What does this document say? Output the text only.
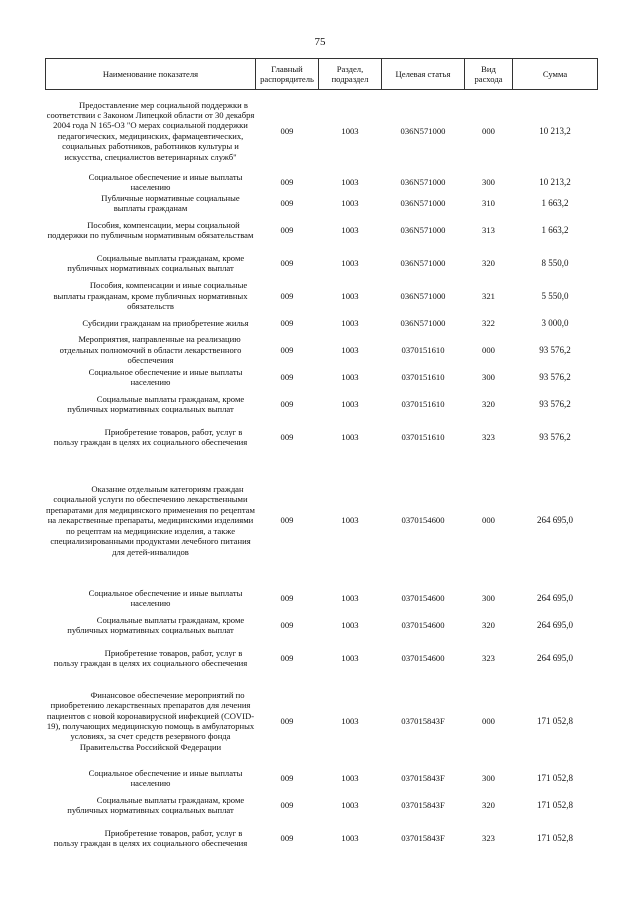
75
Наименование показателя	Главный распорядитель	Раздел, подраздел	Целевая статья	Вид расхода	Сумма

Предоставление мер социальной поддержки в соответствии с Законом Липецкой области от 30 декабря 2004 года N 165-ОЗ "О мерах социальной поддержки педагогических, медицинских, фармацевтических, социальных работников, работников культуры и искусства, специалистов ветеринарных служб"	009	1003	036N571000	000	10 213,2

Социальное обеспечение и иные выплаты населению	009	1003	036N571000	300	10 213,2

Публичные нормативные социальные выплаты гражданам	009	1003	036N571000	310	1 663,2

Пособия, компенсации, меры социальной поддержки по публичным нормативным обязательствам	009	1003	036N571000	313	1 663,2

Социальные выплаты гражданам, кроме публичных нормативных социальных выплат	009	1003	036N571000	320	8 550,0

Пособия, компенсации и иные социальные выплаты гражданам, кроме публичных нормативных обязательств	009	1003	036N571000	321	5 550,0

Субсидии гражданам на приобретение жилья	009	1003	036N571000	322	3 000,0

Мероприятия, направленные на реализацию отдельных полномочий в области лекарственного обеспечения	009	1003	0370151610	000	93 576,2

Социальное обеспечение и иные выплаты населению	009	1003	0370151610	300	93 576,2

Социальные выплаты гражданам, кроме публичных нормативных социальных выплат	009	1003	0370151610	320	93 576,2

Приобретение товаров, работ, услуг в пользу граждан в целях их социального обеспечения	009	1003	0370151610	323	93 576,2

Оказание отдельным категориям граждан социальной услуги по обеспечению лекарственными препаратами для медицинского применения по рецептам на лекарственные препараты, медицинскими изделиями по рецептам на медицинские изделия, а также специализированными продуктами лечебного питания для детей-инвалидов	009	1003	0370154600	000	264 695,0

Социальное обеспечение и иные выплаты населению	009	1003	0370154600	300	264 695,0

Социальные выплаты гражданам, кроме публичных нормативных социальных выплат	009	1003	0370154600	320	264 695,0

Приобретение товаров, работ, услуг в пользу граждан в целях их социального обеспечения	009	1003	0370154600	323	264 695,0

Финансовое обеспечение мероприятий по приобретению лекарственных препаратов для лечения пациентов с новой коронавирусной инфекцией (COVID-19), получающих медицинскую помощь в амбулаторных условиях, за счет средств резервного фонда Правительства Российской Федерации	009	1003	037015843F	000	171 052,8

Социальное обеспечение и иные выплаты населению	009	1003	037015843F	300	171 052,8

Социальные выплаты гражданам, кроме публичных нормативных социальных выплат	009	1003	037015843F	320	171 052,8

Приобретение товаров, работ, услуг в пользу граждан в целях их социального обеспечения	009	1003	037015843F	323	171 052,8
